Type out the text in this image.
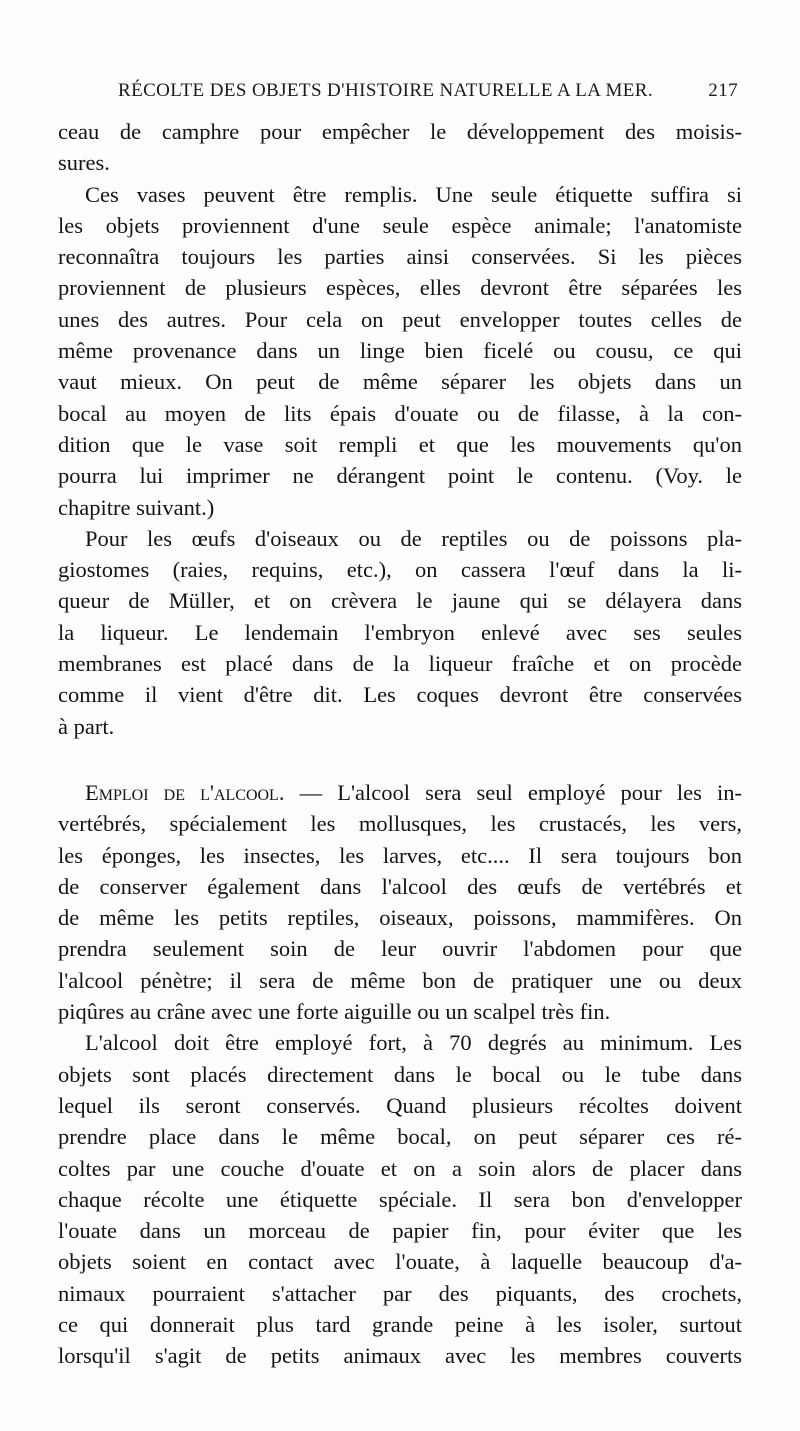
RÉCOLTE DES OBJETS D'HISTOIRE NATURELLE A LA MER.	217
ceau de camphre pour empêcher le développement des moisis-
sures.
Ces vases peuvent être remplis. Une seule étiquette suffira si
les objets proviennent d'une seule espèce animale; l'anatomiste
reconnaîtra toujours les parties ainsi conservées. Si les pièces
proviennent de plusieurs espèces, elles devront être séparées les
unes des autres. Pour cela on peut envelopper toutes celles de
même provenance dans un linge bien ficelé ou cousu, ce qui
vaut mieux. On peut de même séparer les objets dans un
bocal au moyen de lits épais d'ouate ou de filasse, à la con-
dition que le vase soit rempli et que les mouvements qu'on
pourra lui imprimer ne dérangent point le contenu. (Voy. le
chapitre suivant.)
Pour les œufs d'oiseaux ou de reptiles ou de poissons pla-
giostomes (raies, requins, etc.), on cassera l'œuf dans la li-
queur de Müller, et on crèvera le jaune qui se délayera dans
la liqueur. Le lendemain l'embryon enlevé avec ses seules
membranes est placé dans de la liqueur fraîche et on procède
comme il vient d'être dit. Les coques devront être conservées
à part.
Emploi de l'alcool. — L'alcool sera seul employé pour les in-
vertébrés, spécialement les mollusques, les crustacés, les vers,
les éponges, les insectes, les larves, etc.... Il sera toujours bon
de conserver également dans l'alcool des œufs de vertébrés et
de même les petits reptiles, oiseaux, poissons, mammifères. On
prendra seulement soin de leur ouvrir l'abdomen pour que
l'alcool pénètre; il sera de même bon de pratiquer une ou deux
piqûres au crâne avec une forte aiguille ou un scalpel très fin.
L'alcool doit être employé fort, à 70 degrés au minimum. Les
objets sont placés directement dans le bocal ou le tube dans
lequel ils seront conservés. Quand plusieurs récoltes doivent
prendre place dans le même bocal, on peut séparer ces ré-
coltes par une couche d'ouate et on a soin alors de placer dans
chaque récolte une étiquette spéciale. Il sera bon d'envelopper
l'ouate dans un morceau de papier fin, pour éviter que les
objets soient en contact avec l'ouate, à laquelle beaucoup d'a-
nimaux pourraient s'attacher par des piquants, des crochets,
ce qui donnerait plus tard grande peine à les isoler, surtout
lorsqu'il s'agit de petits animaux avec les membres couverts
